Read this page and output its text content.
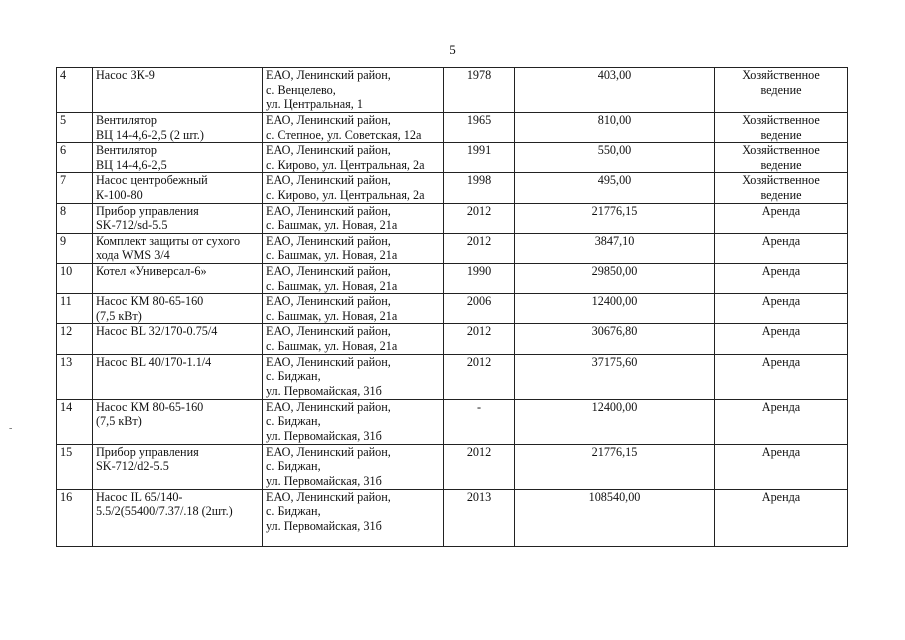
5
-
4	Насос ЗК-9	ЕАО, Ленинский район,
с. Венцелево,
ул. Центральная, 1	1978	403,00	Хозяйственное
ведение
5	Вентилятор
ВЦ 14-4,6-2,5 (2 шт.)	ЕАО, Ленинский район,
с. Степное, ул. Советская, 12а	1965	810,00	Хозяйственное
ведение
6	Вентилятор
ВЦ 14-4,6-2,5	ЕАО, Ленинский район,
с. Кирово, ул. Центральная, 2а	1991	550,00	Хозяйственное
ведение
7	Насос центробежный
К-100-80	ЕАО, Ленинский район,
с. Кирово, ул. Центральная, 2а	1998	495,00	Хозяйственное
ведение
8	Прибор управления
SK-712/sd-5.5	ЕАО, Ленинский район,
с. Башмак, ул. Новая, 21а	2012	21776,15	Аренда
9	Комплект защиты от сухого
хода WMS 3/4	ЕАО, Ленинский район,
с. Башмак, ул. Новая, 21а	2012	3847,10	Аренда
10	Котел «Универсал-6»	ЕАО, Ленинский район,
с. Башмак, ул. Новая, 21а	1990	29850,00	Аренда
11	Насос КМ 80-65-160
(7,5 кВт)	ЕАО, Ленинский район,
с. Башмак, ул. Новая, 21а	2006	12400,00	Аренда
12	Насос BL 32/170-0.75/4	ЕАО, Ленинский район,
с. Башмак, ул. Новая, 21а	2012	30676,80	Аренда
13	Насос BL 40/170-1.1/4	ЕАО, Ленинский район,
с. Биджан,
ул. Первомайская, 31б	2012	37175,60	Аренда
14	Насос КМ 80-65-160
(7,5 кВт)	ЕАО, Ленинский район,
с. Биджан,
ул. Первомайская, 31б	-	12400,00	Аренда
15	Прибор управления
SK-712/d2-5.5	ЕАО, Ленинский район,
с. Биджан,
ул. Первомайская, 31б	2012	21776,15	Аренда
16	Насос IL 65/140-
5.5/2(55400/7.37/.18 (2шт.)	ЕАО, Ленинский район,
с. Биджан,
ул. Первомайская, 31б	2013	108540,00	Аренда
